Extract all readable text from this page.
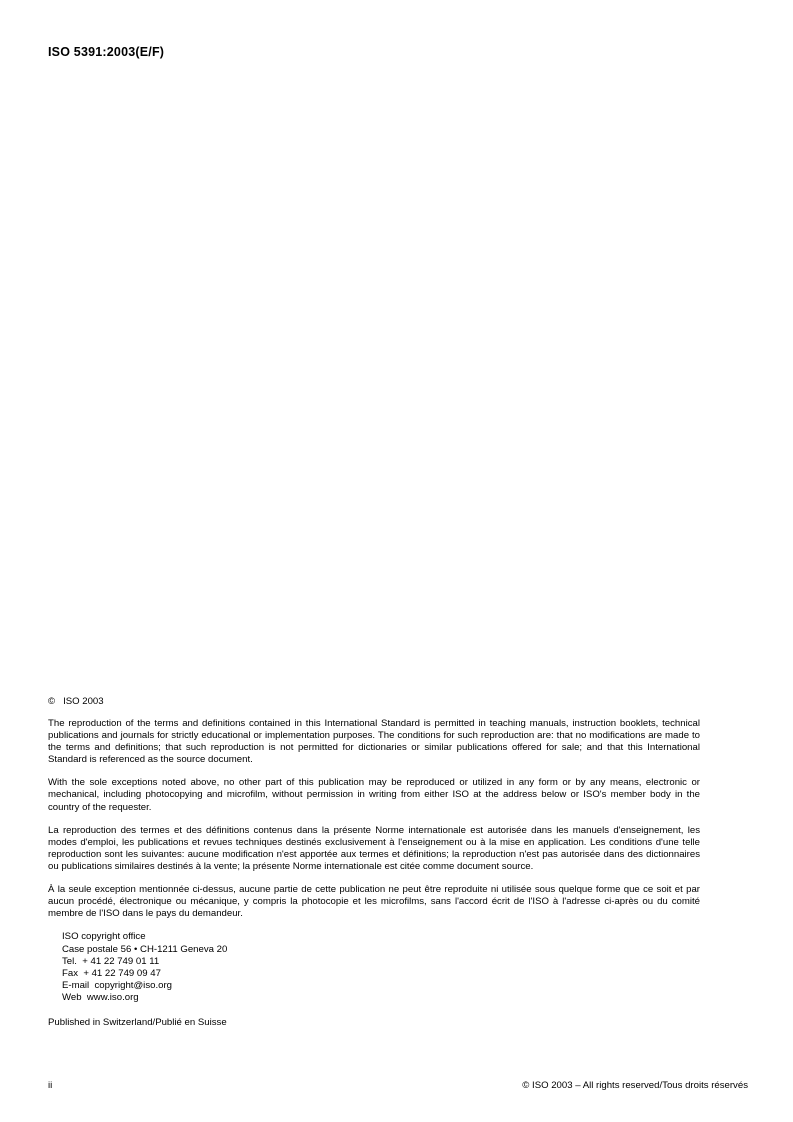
ISO 5391:2003(E/F)
©   ISO 2003

The reproduction of the terms and definitions contained in this International Standard is permitted in teaching manuals, instruction booklets, technical publications and journals for strictly educational or implementation purposes. The conditions for such reproduction are: that no modifications are made to the terms and definitions; that such reproduction is not permitted for dictionaries or similar publications offered for sale; and that this International Standard is referenced as the source document.

With the sole exceptions noted above, no other part of this publication may be reproduced or utilized in any form or by any means, electronic or mechanical, including photocopying and microfilm, without permission in writing from either ISO at the address below or ISO's member body in the country of the requester.

La reproduction des termes et des définitions contenus dans la présente Norme internationale est autorisée dans les manuels d'enseignement, les modes d'emploi, les publications et revues techniques destinés exclusivement à l'enseignement ou à la mise en application. Les conditions d'une telle reproduction sont les suivantes: aucune modification n'est apportée aux termes et définitions; la reproduction n'est pas autorisée dans des dictionnaires ou publications similaires destinés à la vente; la présente Norme internationale est citée comme document source.

À la seule exception mentionnée ci-dessus, aucune partie de cette publication ne peut être reproduite ni utilisée sous quelque forme que ce soit et par aucun procédé, électronique ou mécanique, y compris la photocopie et les microfilms, sans l'accord écrit de l'ISO à l'adresse ci-après ou du comité membre de l'ISO dans le pays du demandeur.

ISO copyright office
Case postale 56 • CH-1211 Geneva 20
Tel.  + 41 22 749 01 11
Fax  + 41 22 749 09 47
E-mail  copyright@iso.org
Web  www.iso.org

Published in Switzerland/Publié en Suisse

ii	© ISO 2003 – All rights reserved/Tous droits réservés
